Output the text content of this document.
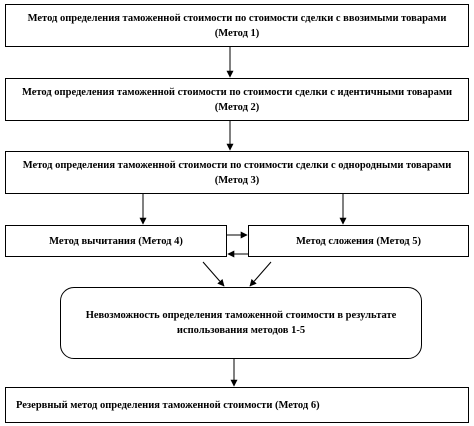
Метод определения таможенной стоимости по стоимости сделки с ввозимыми товарами (Метод 1)
Метод определения таможенной стоимости по стоимости сделки с идентичными товарами (Метод 2)
Метод определения таможенной стоимости по стоимости сделки с однородными товарами (Метод 3)
Метод вычитания (Метод 4)	Метод сложения (Метод 5)
Невозможность определения таможенной стоимости в результате использования методов 1-5
Резервный метод определения таможенной стоимости (Метод 6)
